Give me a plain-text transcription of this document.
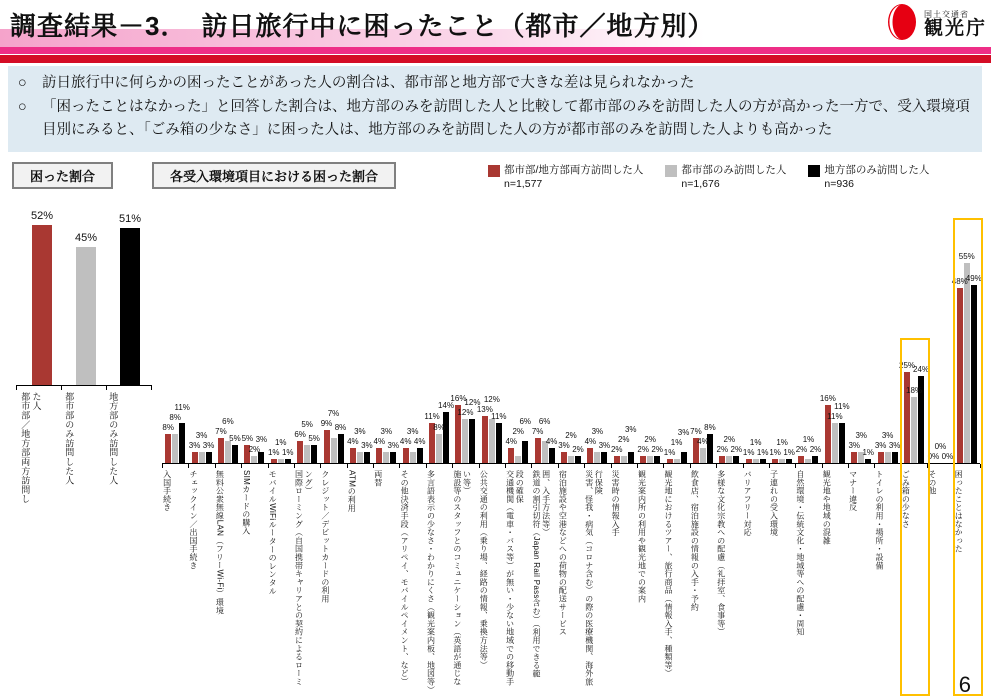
調査結果－3．　訪日旅行中に困ったこと（都市／地方別）	国土交通省
観光庁
○ 訪日旅行中に何らかの困ったことがあった人の割合は、都市部と地方部で大きな差は見られなかった
○ 「困ったことはなかった」と回答した割合は、地方部のみを訪問した人と比較して都市部のみを訪問した人の方が高かった一方で、受入環境項目別にみると、「ごみ箱の少なさ」に困った人は、地方部のみを訪問した人の方が都市部のみを訪問した人よりも高かった
困った割合	各受入環境項目における困った割合	都市部/地方部両方訪問した人
n=1,577
都市部のみ訪問した人
n=1,676
地方部のみ訪問した人
n=936
52%
都市部／地方部両方訪問した人
45%
都市部のみ訪問した人
51%
地方部のみ訪問した人	8%
8%
11%
入国手続き
3%
3%
3%
チェックイン／出国手続き
7%
6%
5%
無料公衆無線LAN（フリーWi-Fi）環境
5%
2%
3%
SIMカードの購入
1%
1%
1%
モバイルWiFiルーターのレンタル
6%
5%
5%
国際ローミング（自国携帯キャリアとの契約によるローミング）
9%
7%
8%
クレジット／デビットカードの利用
4%
3%
3%
ATMの利用
4%
3%
3%
両替
4%
3%
4%
その他決済手段（アリペイ、モバイルペイメント、など）
11%
8%
14%
多言語表示の少なさ・わかりにくさ（観光案内板、地図等）
16%
12%
12%
施設等のスタッフとのコミュニケーション（英語が通じない等）
13%
12%
11%
公共交通の利用（乗り場、経路の情報、乗換方法等）
4%
2%
6%
交通機関（電車・バス等）が無い・少ない地域での移動手段の確保
7%
6%
4%
鉄道の割引切符（Japan Rail Pass含む）（利用できる範囲、入手方法等）
3%
2%
2%
宿泊施設や空港などへの荷物の配送サービス
4%
3%
3%
災害、怪我・病気（コロナ含む）の際の医療機関、海外旅行保険
2%
2%
3%
災害時の情報入手
2%
2%
2%
観光案内所の利用や観光地での案内
1%
1%
3%
観光地におけるツアー、旅行商品（情報入手、種類等）
7%
4%
8%
飲食店、宿泊施設の情報の入手・予約
2%
2%
2%
多様な文化宗教への配慮（礼拝室、食事等）
1%
1%
1%
バリアフリー対応
1%
1%
1%
子連れの受入環境
2%
1%
2%
自然環境・伝統文化・地域等への配慮・周知
16%
11%
11%
観光地や地域の混雑
3%
3%
1%
マナー違反
3%
3%
3%
トイレの利用・場所・設備
25%
18%
24%
ごみ箱の少なさ
0%
0%
0%
その他
48%
55%
49%
困ったことはなかった
6
